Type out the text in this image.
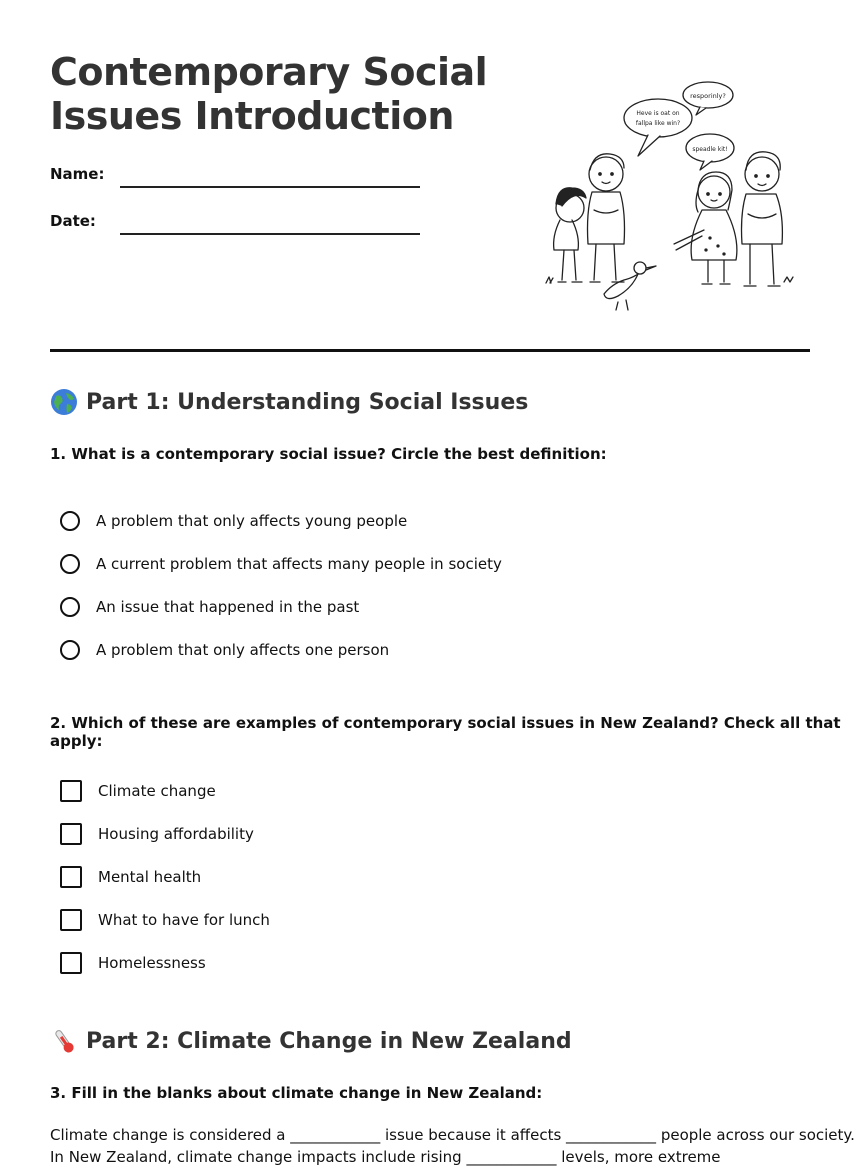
Contemporary Social
Issues Introduction
Name:
Date:
resporinly?
Heve is oat on
fallpa like win?
speadle kit!
Part 1: Understanding Social Issues

1. What is a contemporary social issue? Circle the best definition:

A problem that only affects young people
A current problem that affects many people in society
An issue that happened in the past
A problem that only affects one person

2. Which of these are examples of contemporary social issues in New Zealand? Check all that apply:

Climate change
Housing affordability
Mental health
What to have for lunch
Homelessness
Part 2: Climate Change in New Zealand

3. Fill in the blanks about climate change in New Zealand:

Climate change is considered a ____________ issue because it affects ____________ people across our society.

In New Zealand, climate change impacts include rising ____________ levels, more extreme
